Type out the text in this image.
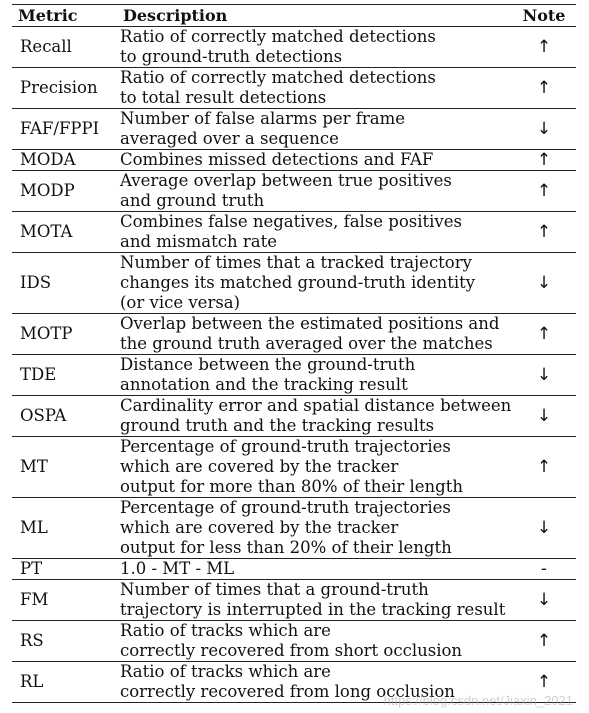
Metric	Description	Note
Recall	Ratio of correctly matched detections
to ground-truth detections	↑
Precision	Ratio of correctly matched detections
to total result detections	↑
FAF/FPPI	Number of false alarms per frame
averaged over a sequence	↓
MODA	Combines missed detections and FAF	↑
MODP	Average overlap between true positives
and ground truth	↑
MOTA	Combines false negatives, false positives
and mismatch rate	↑
IDS	Number of times that a tracked trajectory
changes its matched ground-truth identity
(or vice versa)	↓
MOTP	Overlap between the estimated positions and
the ground truth averaged over the matches	↑
TDE	Distance between the ground-truth
annotation and the tracking result	↓
OSPA	Cardinality error and spatial distance between
ground truth and the tracking results	↓
MT	Percentage of ground-truth trajectories
which are covered by the tracker
output for more than 80% of their length	↑
ML	Percentage of ground-truth trajectories
which are covered by the tracker
output for less than 20% of their length	↓
PT	1.0 - MT - ML	-
FM	Number of times that a ground-truth
trajectory is interrupted in the tracking result	↓
RS	Ratio of tracks which are
correctly recovered from short occlusion	↑
RL	Ratio of tracks which are
correctly recovered from long occlusion	↑
https://blog.csdn.net/Jiaxin_2021
